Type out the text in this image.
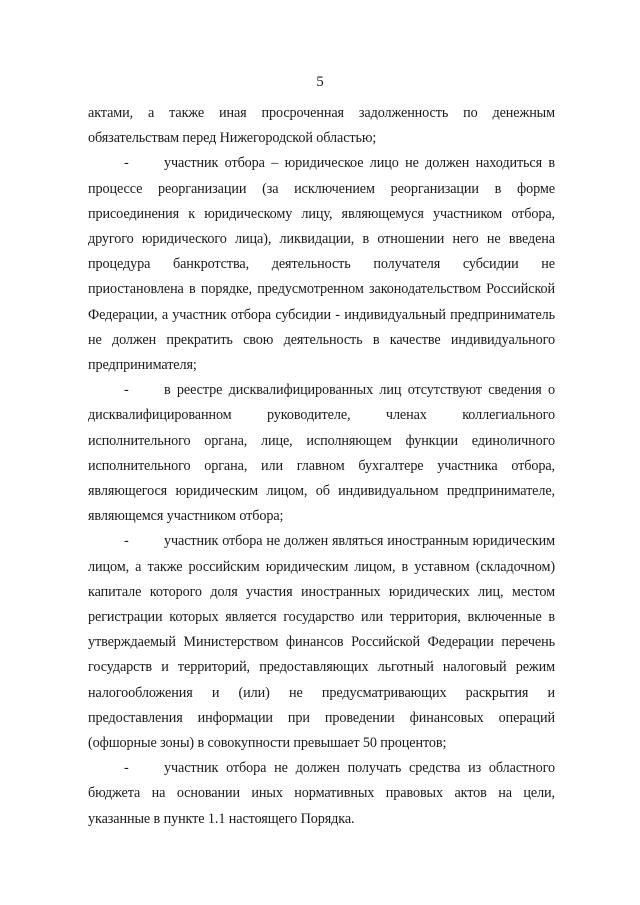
5

актами, а также иная просроченная задолженность по денежным обязательствам перед Нижегородской областью;

- участник отбора – юридическое лицо не должен находиться в процессе реорганизации (за исключением реорганизации в форме присоединения к юридическому лицу, являющемуся участником отбора, другого юридического лица), ликвидации, в отношении него не введена процедура банкротства, деятельность получателя субсидии не приостановлена в порядке, предусмотренном законодательством Российской Федерации, а участник отбора субсидии - индивидуальный предприниматель не должен прекратить свою деятельность в качестве индивидуального предпринимателя;

- в реестре дисквалифицированных лиц отсутствуют сведения о дисквалифицированном руководителе, членах коллегиального исполнительного органа, лице, исполняющем функции единоличного исполнительного органа, или главном бухгалтере участника отбора, являющегося юридическим лицом, об индивидуальном предпринимателе, являющемся участником отбора;

- участник отбора не должен являться иностранным юридическим лицом, а также российским юридическим лицом, в уставном (складочном) капитале которого доля участия иностранных юридических лиц, местом регистрации которых является государство или территория, включенные в утверждаемый Министерством финансов Российской Федерации перечень государств и территорий, предоставляющих льготный налоговый режим налогообложения и (или) не предусматривающих раскрытия и предоставления информации при проведении финансовых операций (офшорные зоны) в совокупности превышает 50 процентов;

- участник отбора не должен получать средства из областного бюджета на основании иных нормативных правовых актов на цели, указанные в пункте 1.1 настоящего Порядка.
